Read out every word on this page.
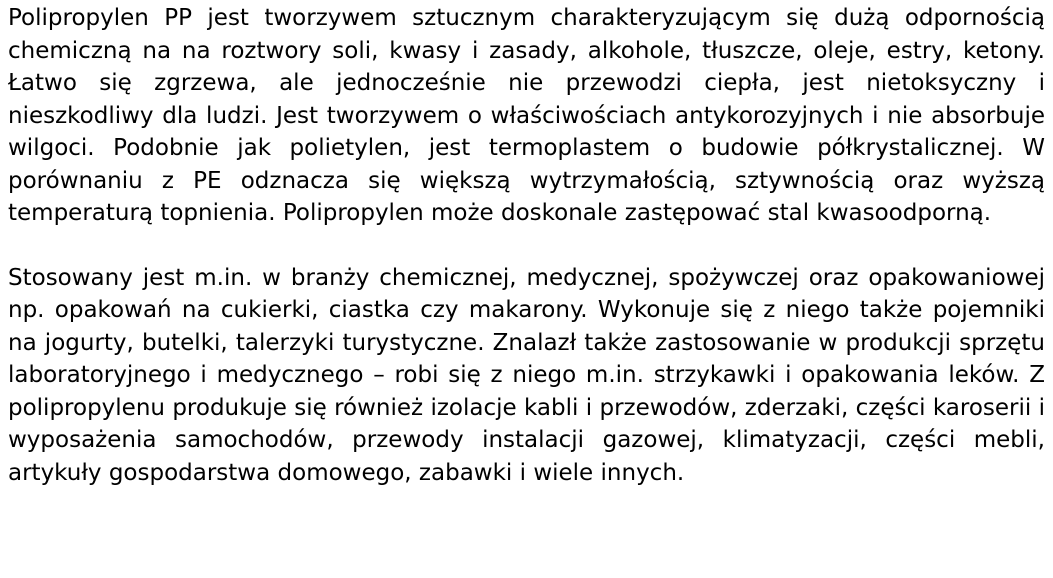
Polipropylen PP jest tworzywem sztucznym charakteryzującym się dużą odpornością chemiczną na na roztwory soli, kwasy i zasady, alkohole, tłuszcze, oleje, estry, ketony. Łatwo się zgrzewa, ale jednocześnie nie przewodzi ciepła, jest nietoksyczny i nieszkodliwy dla ludzi. Jest tworzywem o właściwościach antykorozyjnych i nie absorbuje wilgoci. Podobnie jak polietylen, jest termoplastem o budowie półkrystalicznej. W porównaniu z PE odznacza się większą wytrzymałością, sztywnością oraz wyższą temperaturą topnienia. Polipropylen może doskonale zastępować stal kwasoodporną.

Stosowany jest m.in. w branży chemicznej, medycznej, spożywczej oraz opakowaniowej np. opakowań na cukierki, ciastka czy makarony. Wykonuje się z niego także pojemniki na jogurty, butelki, talerzyki turystyczne. Znalazł także zastosowanie w produkcji sprzętu laboratoryjnego i medycznego – robi się z niego m.in. strzykawki i opakowania leków. Z polipropylenu produkuje się również izolacje kabli i przewodów, zderzaki, części karoserii i wyposażenia samochodów, przewody instalacji gazowej, klimatyzacji, części mebli, artykuły gospodarstwa domowego, zabawki i wiele innych.
